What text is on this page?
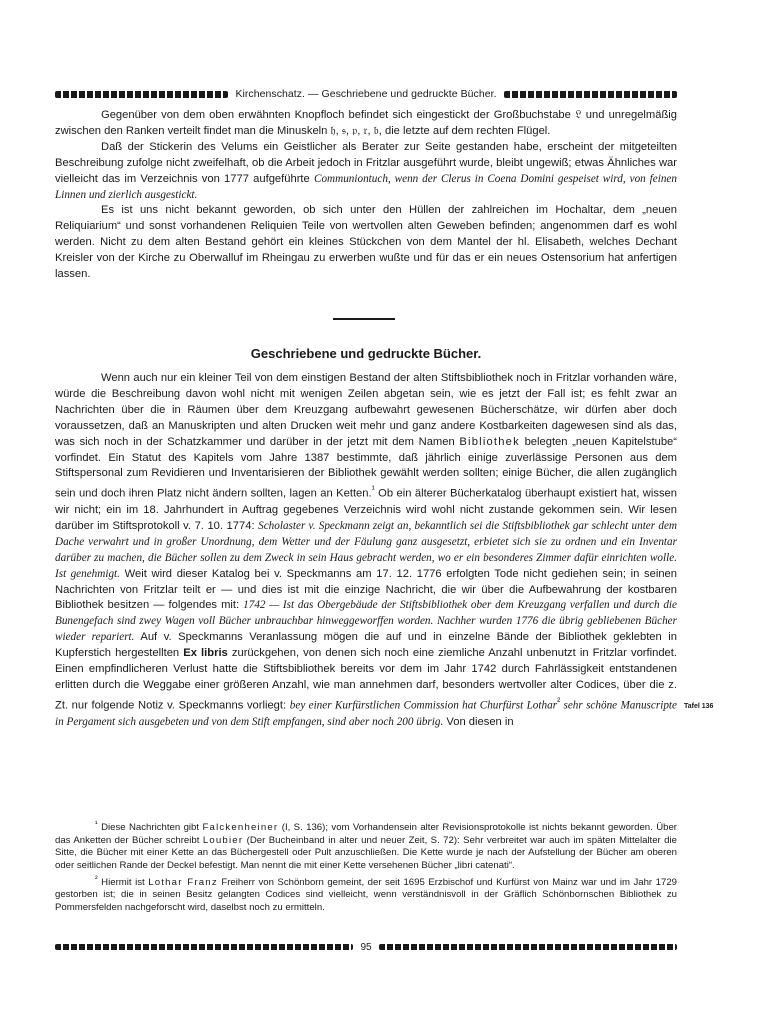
Kirchenschatz. — Geschriebene und gedruckte Bücher.

Gegenüber von dem oben erwähnten Knopfloch befindet sich eingestickt der Großbuchstabe 𝔏 und unregelmäßig zwischen den Ranken verteilt findet man die Minuskeln 𝔥, 𝔰, 𝔭, 𝔯, 𝔟, die letzte auf dem rechten Flügel.

Daß der Stickerin des Velums ein Geistlicher als Berater zur Seite gestanden habe, erscheint der mitgeteilten Beschreibung zufolge nicht zweifelhaft, ob die Arbeit jedoch in Fritzlar ausgeführt wurde, bleibt ungewiß; etwas Ähnliches war vielleicht das im Verzeichnis von 1777 aufgeführte Communiontuch, wenn der Clerus in Coena Domini gespeiset wird, von feinen Linnen und zierlich ausgestickt.

Es ist uns nicht bekannt geworden, ob sich unter den Hüllen der zahlreichen im Hochaltar, dem „neuen Reliquiarium“ und sonst vorhandenen Reliquien Teile von wertvollen alten Geweben befinden; angenommen darf es wohl werden. Nicht zu dem alten Bestand gehört ein kleines Stückchen von dem Mantel der hl. Elisabeth, welches Dechant Kreisler von der Kirche zu Oberwalluf im Rheingau zu erwerben wußte und für das er ein neues Ostensorium hat anfertigen lassen.

Geschriebene und gedruckte Bücher.

Wenn auch nur ein kleiner Teil von dem einstigen Bestand der alten Stiftsbibliothek noch in Fritzlar vorhanden wäre, würde die Beschreibung davon wohl nicht mit wenigen Zeilen abgetan sein, wie es jetzt der Fall ist; es fehlt zwar an Nachrichten über die in Räumen über dem Kreuzgang aufbewahrt gewesenen Bücherschätze, wir dürfen aber doch voraussetzen, daß an Manuskripten und alten Drucken weit mehr und ganz andere Kostbarkeiten dagewesen sind als das, was sich noch in der Schatzkammer und darüber in der jetzt mit dem Namen Bibliothek belegten „neuen Kapitelstube“ vorfindet. Ein Statut des Kapitels vom Jahre 1387 bestimmte, daß jährlich einige zuverlässige Personen aus dem Stiftspersonal zum Revidieren und Inventarisieren der Bibliothek gewählt werden sollten; einige Bücher, die allen zugänglich sein und doch ihren Platz nicht ändern sollten, lagen an Ketten.$^{^1}$ Ob ein älterer Bücherkatalog überhaupt existiert hat, wissen wir nicht; ein im 18. Jahrhundert in Auftrag gegebenes Verzeichnis wird wohl nicht zustande gekommen sein. Wir lesen darüber im Stiftsprotokoll v. 7. 10. 1774: Scholaster v. Speckmann zeigt an, bekanntlich sei die Stiftsbibliothek gar schlecht unter dem Dache verwahrt und in großer Unordnung, dem Wetter und der Fäulung ganz ausgesetzt, erbietet sich sie zu ordnen und ein Inventar darüber zu machen, die Bücher sollen zu dem Zweck in sein Haus gebracht werden, wo er ein besonderes Zimmer dafür einrichten wolle. Ist genehmigt. Weit wird dieser Katalog bei v. Speckmanns am 17. 12. 1776 erfolgten Tode nicht gediehen sein; in seinen Nachrichten von Fritzlar teilt er — und dies ist mit die einzige Nachricht, die wir über die Aufbewahrung der kostbaren Bibliothek besitzen — folgendes mit: 1742 — Ist das Obergebäude der Stiftsbibliothek ober dem Kreuzgang verfallen und durch die Bunengefach sind zwey Wagen voll Bücher unbrauchbar hinweggeworffen worden. Nachher wurden 1776 die übrig gebliebenen Bücher wieder repariert. Auf v. Speckmanns Veranlassung mögen die auf und in einzelne Bände der Bibliothek geklebten in Kupferstich hergestellten Ex libris zurückgehen, von denen sich noch eine ziemliche Anzahl unbenutzt in Fritzlar vorfindet. Einen empfindlicheren Verlust hatte die Stiftsbibliothek bereits vor dem im Jahr 1742 durch Fahrlässigkeit entstandenen erlitten durch die Weggabe einer größeren Anzahl, wie man annehmen darf, besonders wertvoller alter Codices, über die z. Zt. nur folgende Notiz v. Speckmanns vorliegt: bey einer Kurfürstlichen Commission hat Churfürst Lothar$^{^2}$ sehr schöne Manuscripte in Pergament sich ausgebeten und von dem Stift empfangen, sind aber noch 200 übrig. Von diesen in

$^{^1}$ Diese Nachrichten gibt Falckenheiner (I, S. 136); vom Vorhandensein alter Revisionsprotokolle ist nichts bekannt geworden. Über das Anketten der Bücher schreibt Loubier (Der Bucheinband in alter und neuer Zeit, S. 72): Sehr verbreitet war auch im späten Mittelalter die Sitte, die Bücher mit einer Kette an das Büchergestell oder Pult anzuschließen. Die Kette wurde je nach der Aufstellung der Bücher am oberen oder seitlichen Rande der Deckel befestigt. Man nennt die mit einer Kette versehenen Bücher „libri catenati“.

$^{^2}$ Hiermit ist Lothar Franz Freiherr von Schönborn gemeint, der seit 1695 Erzbischof und Kurfürst von Mainz war und im Jahr 1729 gestorben ist; die in seinen Besitz gelangten Codices sind vielleicht, wenn verständnisvoll in der Gräflich Schönbornschen Bibliothek zu Pommersfelden nachgeforscht wird, daselbst noch zu ermitteln.

95
Tafel 136
